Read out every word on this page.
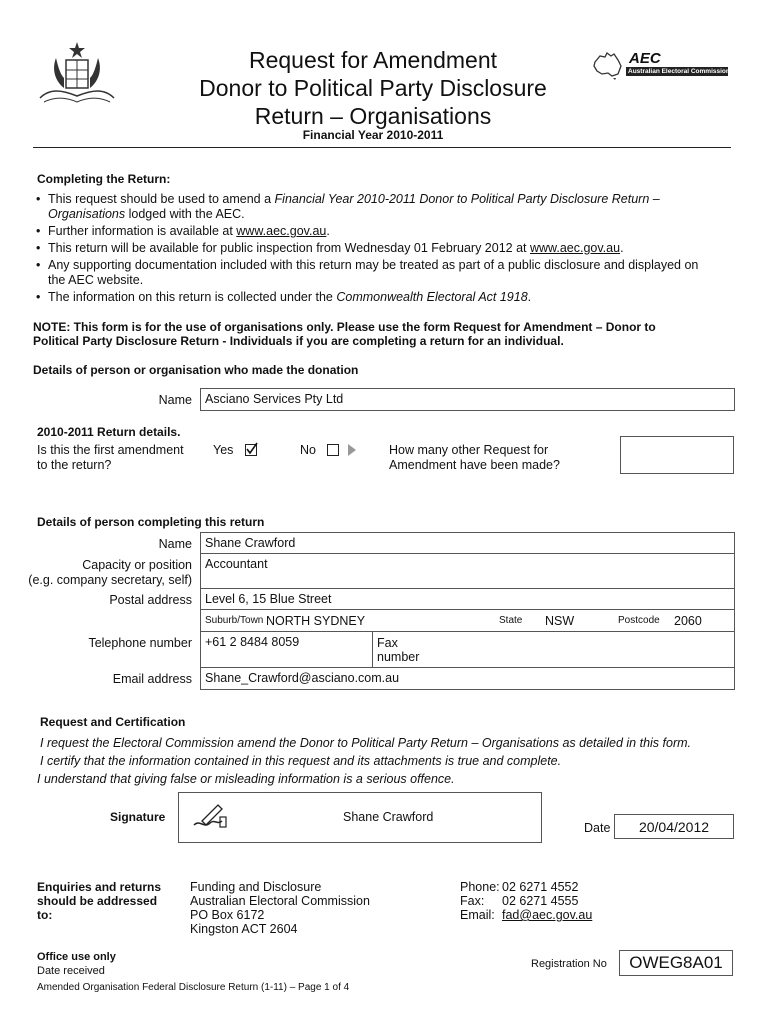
Request for Amendment
Donor to Political Party Disclosure
Return – Organisations
Financial Year 2010-2011
AEC
Australian Electoral Commission
Completing the Return:
• This request should be used to amend a Financial Year 2010-2011 Donor to Political Party Disclosure Return –
Organisations lodged with the AEC.
• Further information is available at www.aec.gov.au.
• This return will be available for public inspection from Wednesday 01 February 2012 at www.aec.gov.au.
• Any supporting documentation included with this return may be treated as part of a public disclosure and displayed on
the AEC website.
• The information on this return is collected under the Commonwealth Electoral Act 1918.
NOTE: This form is for the use of organisations only. Please use the form Request for Amendment – Donor to
Political Party Disclosure Return - Individuals if you are completing a return for an individual.
Details of person or organisation who made the donation
Name	Asciano Services Pty Ltd
2010-2011 Return details.
Is this the first amendment
to the return?
Yes	No	How many other Request for
Amendment have been made?
Details of person completing this return
Name	Shane Crawford
Capacity or position
(e.g. company secretary, self)
Accountant
Postal address	Level 6, 15 Blue Street
Suburb/Town NORTH SYDNEY	State NSW	Postcode 2060
Telephone number	+61 2 8484 8059	Fax
number
Email address	Shane_Crawford@asciano.com.au
Request and Certification
I request the Electoral Commission amend the Donor to Political Party Return – Organisations as detailed in this form.
I certify that the information contained in this request and its attachments is true and complete.
I understand that giving false or misleading information is a serious offence.
Signature	Shane Crawford
Date	20/04/2012
Enquiries and returns
should be addressed
to:
Funding and Disclosure
Australian Electoral Commission
PO Box 6172
Kingston ACT 2604
Phone: 02 6271 4552
Fax: 02 6271 4555
Email: fad@aec.gov.au
Office use only
Date received
Registration No	OWEG8A01
Amended Organisation Federal Disclosure Return (1-11) – Page 1 of 4
